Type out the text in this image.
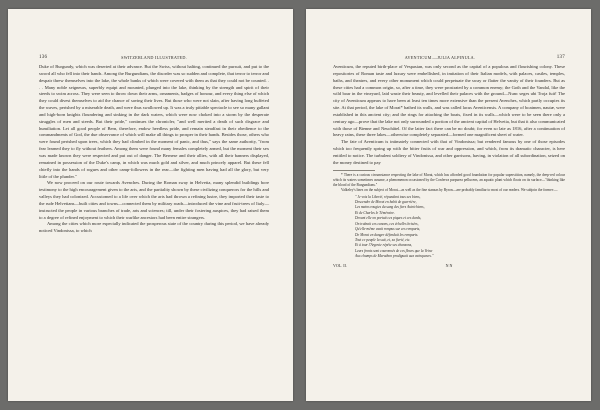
136	SWITZERLAND ILLUSTRATED.

Duke of Burgundy, which was deserted at their advance. But the Swiss, without halting, continued the pursuit, and put to the sword all who fell into their hands. Among the Burgundians, the disorder was so sudden and complete, that terror to terror and despair threw themselves into the lake, the whole banks of which were covered with them as that they could not be counted. . . . Many noble seigneurs, superbly equipt and mounted, plunged into the lake, thinking by the strength and spirit of their steeds to swim across. They were seen to throw down their arms, ornaments, badges of honour, and every thing else of which they could divest themselves to aid the chance of saving their lives. But those who were not slain, after having long buffeted the waves, perished by a miserable death, and were thus swallowed up. It was a truly pitiable spectacle to see so many gallant and high-born knights floundering and sinking in the dark waters, which were now choked into a storm by the desperate struggles of men and steeds. But their pride," continues the chronicler, "and well merited a death of such disgrace and humiliation. Let all good people of Bern, therefore, endow heedless pride, and remain steadfast in their obedience to the commandments of God, the due observance of which will make all things to prosper in their hands. Besides those, others who were found perished upon trees, which they had climbed in the moment of panic, and thus," says the same authority, "from fear learned they to fly without feathers. Among them were found many females completely armed, but the moment their sex was made known they were respected and put out of danger. The Bernese and their allies, with all their banners displayed, remained in possession of the Duke's camp, in which was much gold and silver, and much princely apparel. But these fell chiefly into the hands of rogues and other camp-followers in the rear—the fighting men having had all the glory, but very little of the plunder."

We now proceed on our route towards Avenches. During the Roman sway in Helvetia, many splendid buildings bore testimony to the high encouragement given to the arts, and the partiality shown by these civilizing conquerors for the hills and valleys they had colonized. Accustomed to a life over which the arts had thrown a refining lustre, they imported their taste to the rude Helvetians—built cities and towns—connected them by military roads—introduced the vine and fruit-trees of Italy—instructed the people in various branches of trade, arts and sciences; till, under their fostering auspices, they had raised them to a degree of refined enjoyment to which their warlike ancestors had been entire strangers.

Among the cities which more especially indicated the prosperous state of the country during this period, we have already noticed Vindonissa, to which

AVENTICUM.—JULIA ALPINULA.	137

Aventicum, the reputed birth-place of Vespasian, was only second as the capital of a populous and flourishing colony. These repositories of Roman taste and luxury were embellished, in imitation of their Italian models, with palaces, castles, temples, baths, and theatres, and every other monument which could perpetuate the sway or flatter the vanity of their founders. But as these cities had a common origin, so, after a time, they were prostrated by a common enemy; the Goth and the Vandal, like the wild boar in the vineyard, laid waste their beauty, and levelled their palaces with the ground—Nunc seges ubi Troja fuit! The city of Aventicum appears to have been at least ten times more extensive than the present Avenches, which partly occupies its site. At that period, the lake of Morat* bathed its walls, and was called lacus Aventicensis. A company of boatmen, nautæ, were established in this ancient city; and the rings for attaching the boats, fixed in its walls—which were to be seen there only a century ago—prove that the lake not only surrounded a portion of the ancient capital of Helvetia, but that it also communicated with those of Bienne and Neuchâtel. Of the latter fact there can be no doubt; for even so late as 1816, after a continuation of heavy rains, these three lakes—otherwise completely separated—formed one magnificent sheet of water.

The fate of Aventicum is intimately connected with that of Vindonissa; but rendered famous by one of those episodes which too frequently spring up with the bitter fruits of war and oppression, and which, from its dramatic character, is here entitled to notice. The turbulent soldiery of Vindonissa, and other garrisons, having, in violation of all subordination, seized on the money destined to pay

* There is a curious circumstance respecting the lake of Morat, which has afforded good foundation for popular superstition, namely, the deep-red colour which its waters sometimes assume, a phenomenon occasioned by the Conferva purpurea pellucens, an aquatic plant which floats on its surface—"thinking like the blood of the Burgundians."

Valkeley's lines on the subject of Morat—as well as the fine stanzas by Byron—are probably familiar to most of our readers. We subjoin the former:—

" Je vois la Liberté, répandant tous ses biens,

Descendre de Morat en habit de guerrière,

Les mains rougies du sang des fiers Autrichiens,

Et de Charles le Téméraire.

Devant elle on portait ces piques et ces dards,

On traînait ces canons, ces échelles brisées,

Qu'elle-même avait rompus sur ces remparts,

De Morat en danger défendait les remparts.

Tout ce peuple la suit, et, sa fierté, etc.

Et à tour l'Argovie répète ses chansons,

Leurs fronts sont couronnés de ces fleurs que la Veine

Aux champs de Marathon prodiguait aux vainqueurs."

VOL. II.	N N
